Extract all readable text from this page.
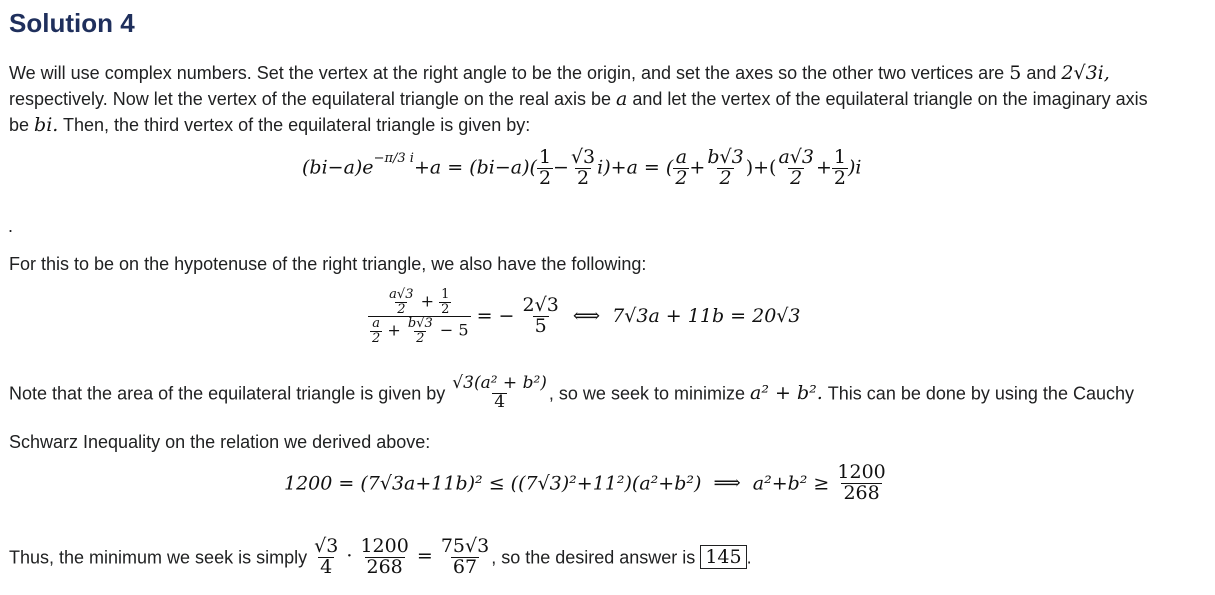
Solution 4
We will use complex numbers. Set the vertex at the right angle to be the origin, and set the axes so the other two vertices are 5 and 2√3i,
respectively. Now let the vertex of the equilateral triangle on the real axis be a and let the vertex of the equilateral triangle on the imaginary axis
be bi. Then, the third vertex of the equilateral triangle is given by:
$(bi-a)e^{-\pi/3 i}+a = (bi-a)( \frac{1}{2} - \frac{√3}{2} i)+a$ = ( $\frac{a}{2} + \frac{b√3}{2}$ )+( $\frac{a√3}{2} + \frac{1}{2} )i$
.
For this to be on the hypotenuse of the right triangle, we also have the following:
$\frac{\frac{a√3}{2} + \frac{1}{2}}{\frac{a}{2} + \frac{b√3}{2} - 5}$ = − $\frac{2√3}{5}$ ⟺ 7√3a + 11b = 20√3
Note that the area of the equilateral triangle is given by $\frac{\text{√3(a² + b²)}}{4}$ , so we seek to minimize a² + b². This can be done by using the Cauchy
Schwarz Inequality on the relation we derived above:
1200 = (7√3a+11b)² ≤ ((7√3)²+11²)(a²+b²) ⟹ $a^2+b^2 \ge \frac{1200}{268}$
Thus, the minimum we seek is simply $\frac{√3}{4} \cdot \frac{1200}{268} = \frac{75√3}{67}$ , so the desired answer is 145 .
